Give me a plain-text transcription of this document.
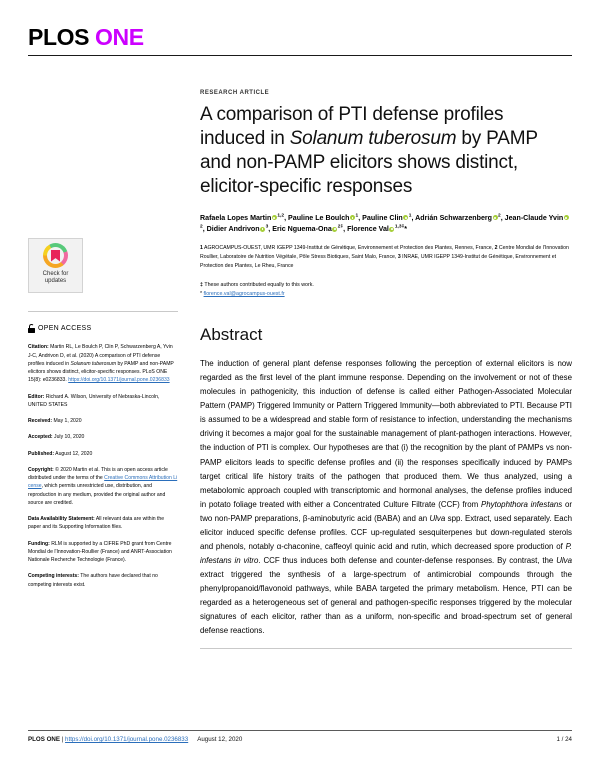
PLOS ONE
Check for
updates
OPEN ACCESS
Citation: Martin RL, Le Boulch P, Clin P, Schwarzenberg A, Yvin J-C, Andrivon D, et al. (2020) A comparison of PTI defense profiles induced in Solanum tuberosum by PAMP and non-PAMP elicitors shows distinct, elicitor-specific responses. PLoS ONE 15(8): e0236833. https://doi.org/10.1371/journal.pone.0236833
Editor: Richard A. Wilson, University of Nebraska-Lincoln, UNITED STATES
Received: May 1, 2020
Accepted: July 10, 2020
Published: August 12, 2020
Copyright: © 2020 Martin et al. This is an open access article distributed under the terms of the Creative Commons Attribution License, which permits unrestricted use, distribution, and reproduction in any medium, provided the original author and source are credited.
Data Availability Statement: All relevant data are within the paper and its Supporting Information files.
Funding: RLM is supported by a CIFRE PhD grant from Centre Mondial de l'Innovation-Roullier (France) and ANRT-Association Nationale Recherche Technologie (France).
Competing interests: The authors have declared that no competing interests exist.
RESEARCH ARTICLE
A comparison of PTI defense profiles induced in Solanum tuberosum by PAMP and non-PAMP elicitors shows distinct, elicitor-specific responses
Rafaela Lopes Martin $^{1,2}$, Pauline Le Boulch $^1$, Pauline Clin $^1$, Adrián Schwarzenberg $^2$, Jean-Claude Yvin$^2$, Didier Andrivon $^3$, Eric Nguema-Ona $^{2\ddagger}$, Florence Val $^{1,3\ddagger}$*
1 AGROCAMPUS-OUEST, UMR IGEPP 1349-Institut de Génétique, Environnement et Protection des Plantes, Rennes, France, 2 Centre Mondial de l'Innovation Roullier, Laboratoire de Nutrition Végétale, Pôle Stress Biotiques, Saint Malo, France, 3 INRAE, UMR IGEPP 1349-Institut de Génétique, Environnement et Protection des Plantes, Le Rheu, France
‡ These authors contributed equally to this work.
* florence.val@agrocampus-ouest.fr
Abstract
The induction of general plant defense responses following the perception of external elicitors is now regarded as the first level of the plant immune response. Depending on the involvement or not of these molecules in pathogenicity, this induction of defense is called either Pathogen-Associated Molecular Pattern (PAMP) Triggered Immunity or Pattern Triggered Immunity—both abbreviated to PTI. Because PTI is assumed to be a widespread and stable form of resistance to infection, understanding the mechanisms driving it becomes a major goal for the sustainable management of plant-pathogen interactions. However, the induction of PTI is complex. Our hypotheses are that (i) the recognition by the plant of PAMPs vs non-PAMP elicitors leads to specific defense profiles and (ii) the responses specifically induced by PAMPs target critical life history traits of the pathogen that produced them. We thus analyzed, using a metabolomic approach coupled with transcriptomic and hormonal analyses, the defense profiles induced in potato foliage treated with either a Concentrated Culture Filtrate (CCF) from Phytophthora infestans or two non-PAMP preparations, β-aminobutyric acid (BABA) and an Ulva spp. Extract, used separately. Each elicitor induced specific defense profiles. CCF up-regulated sesquiterpenes but down-regulated sterols and phenols, notably α-chaconine, caffeoyl quinic acid and rutin, which decreased spore production of P. infestans in vitro. CCF thus induces both defense and counter-defense responses. By contrast, the Ulva extract triggered the synthesis of a large-spectrum of antimicrobial compounds through the phenylpropanoid/flavonoid pathways, while BABA targeted the primary metabolism. Hence, PTI can be regarded as a heterogeneous set of general and pathogen-specific responses triggered by the molecular signatures of each elicitor, rather than as a uniform, non-specific and broad-spectrum set of general defense reactions.
PLOS ONE | https://doi.org/10.1371/journal.pone.0236833 August 12, 2020	1 / 24
